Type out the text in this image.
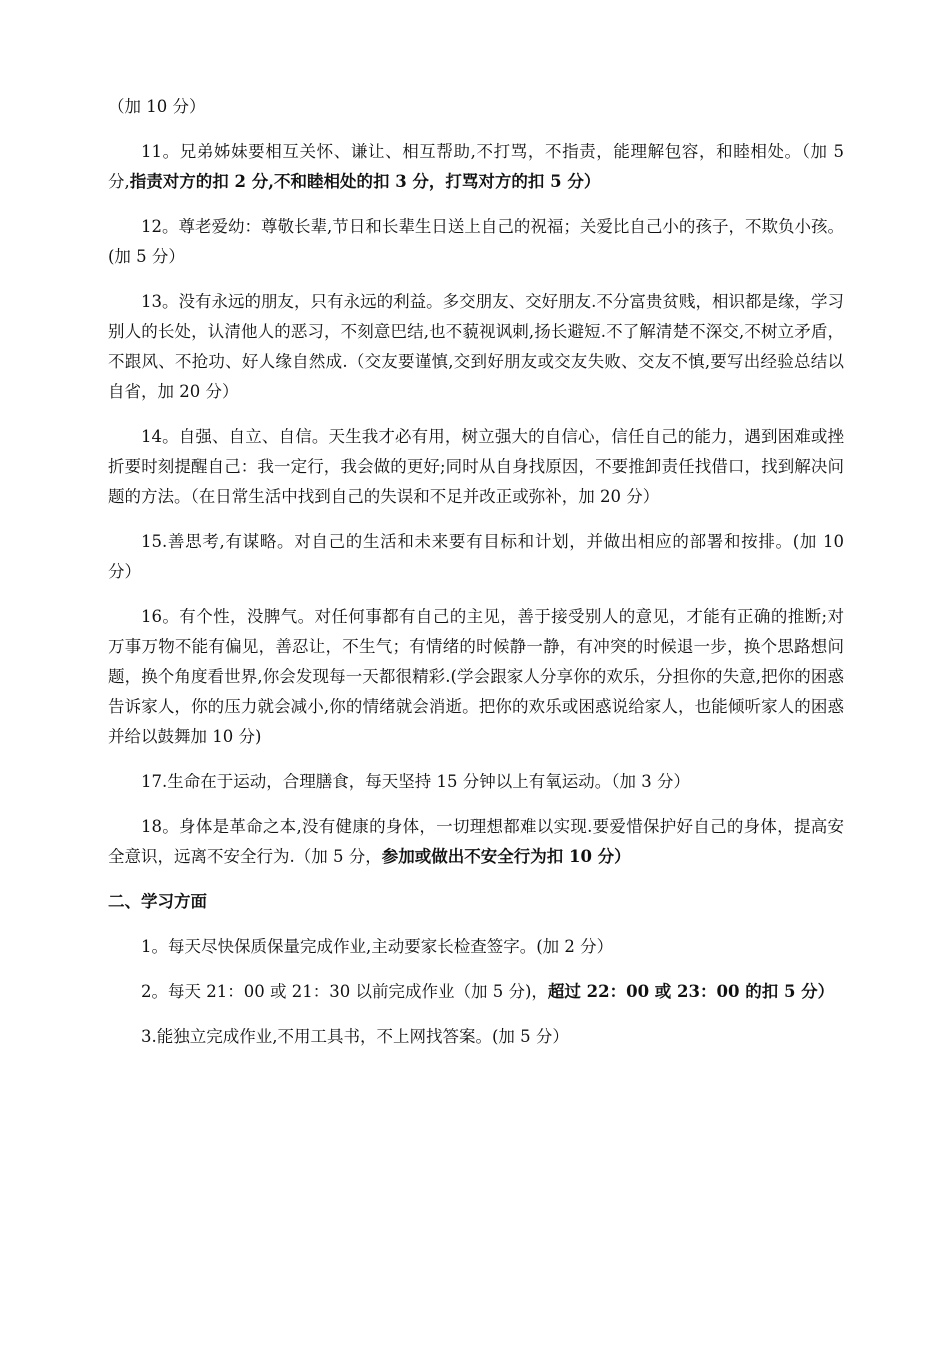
（加 10 分）

11。兄弟姊妹要相互关怀、谦让、相互帮助,不打骂，不指责，能理解包容，和睦相处。（加 5 分,指责对方的扣 2 分,不和睦相处的扣 3 分，打骂对方的扣 5 分）

12。尊老爱幼：尊敬长辈,节日和长辈生日送上自己的祝福；关爱比自己小的孩子，不欺负小孩。(加 5 分）

13。没有永远的朋友，只有永远的利益。多交朋友、交好朋友.不分富贵贫贱，相识都是缘，学习别人的长处，认清他人的恶习，不刻意巴结,也不藐视讽刺,扬长避短.不了解清楚不深交,不树立矛盾，不跟风、不抢功、好人缘自然成.（交友要谨慎,交到好朋友或交友失败、交友不慎,要写出经验总结以自省，加 20 分）

14。自强、自立、自信。天生我才必有用，树立强大的自信心，信任自己的能力，遇到困难或挫折要时刻提醒自己：我一定行，我会做的更好;同时从自身找原因，不要推卸责任找借口，找到解决问题的方法。（在日常生活中找到自己的失误和不足并改正或弥补，加 20 分）

15.善思考,有谋略。对自己的生活和未来要有目标和计划，并做出相应的部署和按排。(加 10 分）

16。有个性，没脾气。对任何事都有自己的主见，善于接受别人的意见，才能有正确的推断;对万事万物不能有偏见，善忍让，不生气；有情绪的时候静一静，有冲突的时候退一步，换个思路想问题，换个角度看世界,你会发现每一天都很精彩.(学会跟家人分享你的欢乐，分担你的失意,把你的困惑告诉家人，你的压力就会减小,你的情绪就会消逝。把你的欢乐或困惑说给家人，也能倾听家人的困惑并给以鼓舞加 10 分)

17.生命在于运动，合理膳食，每天坚持 15 分钟以上有氧运动。（加 3 分）

18。身体是革命之本,没有健康的身体，一切理想都难以实现.要爱惜保护好自己的身体，提高安全意识，远离不安全行为.（加 5 分，参加或做出不安全行为扣 10 分）

二、学习方面

1。每天尽快保质保量完成作业,主动要家长检查签字。(加 2 分）

2。每天 21：00 或 21：30 以前完成作业（加 5 分)，超过 22：00 或 23：00 的扣 5 分）

3.能独立完成作业,不用工具书，不上网找答案。(加 5 分）
